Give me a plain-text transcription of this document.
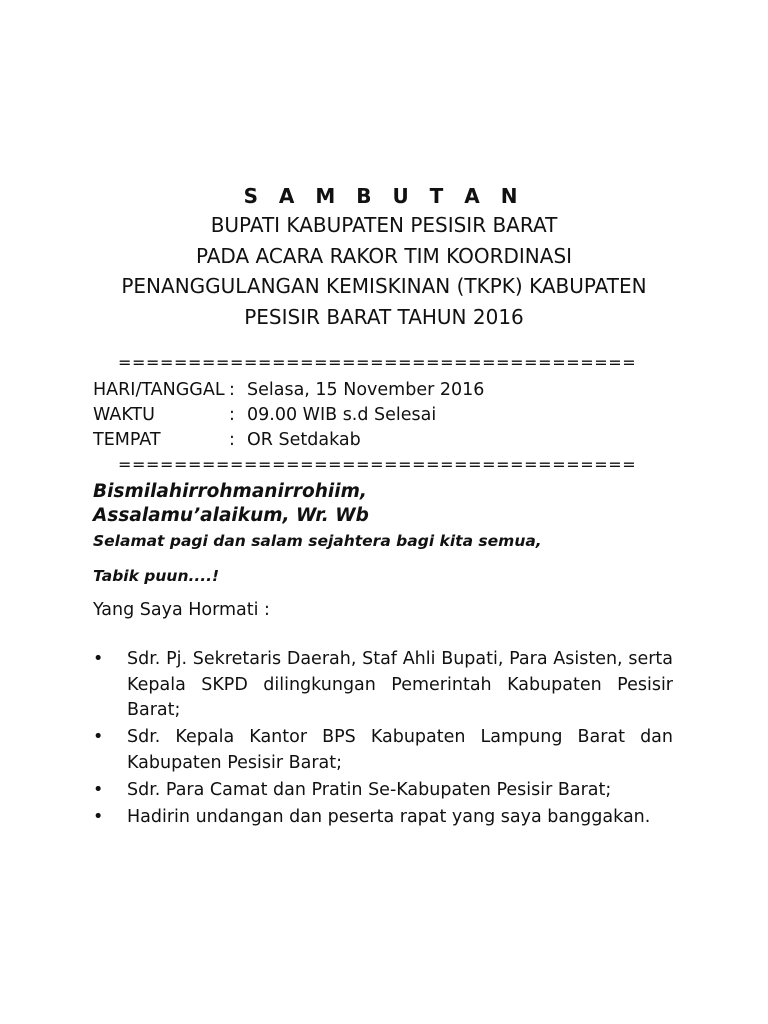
S A M B U T A N
BUPATI KABUPATEN PESISIR BARAT
PADA ACARA RAKOR TIM KOORDINASI
PENANGGULANGAN KEMISKINAN (TKPK) KABUPATEN
PESISIR BARAT TAHUN 2016
=====================================
HARI/TANGGAL : Selasa, 15 November 2016
WAKTU	: 09.00 WIB s.d Selesai
TEMPAT	: OR Setdakab
=====================================
Bismilahirrohmanirrohiim,
Assalamu’alaikum, Wr. Wb
Selamat pagi dan salam sejahtera bagi kita semua,
Tabik puun....!
Yang Saya Hormati :
• Sdr. Pj. Sekretaris Daerah, Staf Ahli Bupati, Para Asisten, serta Kepala SKPD dilingkungan Pemerintah Kabupaten Pesisir Barat;
• Sdr. Kepala Kantor BPS Kabupaten Lampung Barat dan Kabupaten Pesisir Barat;
• Sdr. Para Camat dan Pratin Se-Kabupaten Pesisir Barat;
• Hadirin undangan dan peserta rapat yang saya banggakan.
